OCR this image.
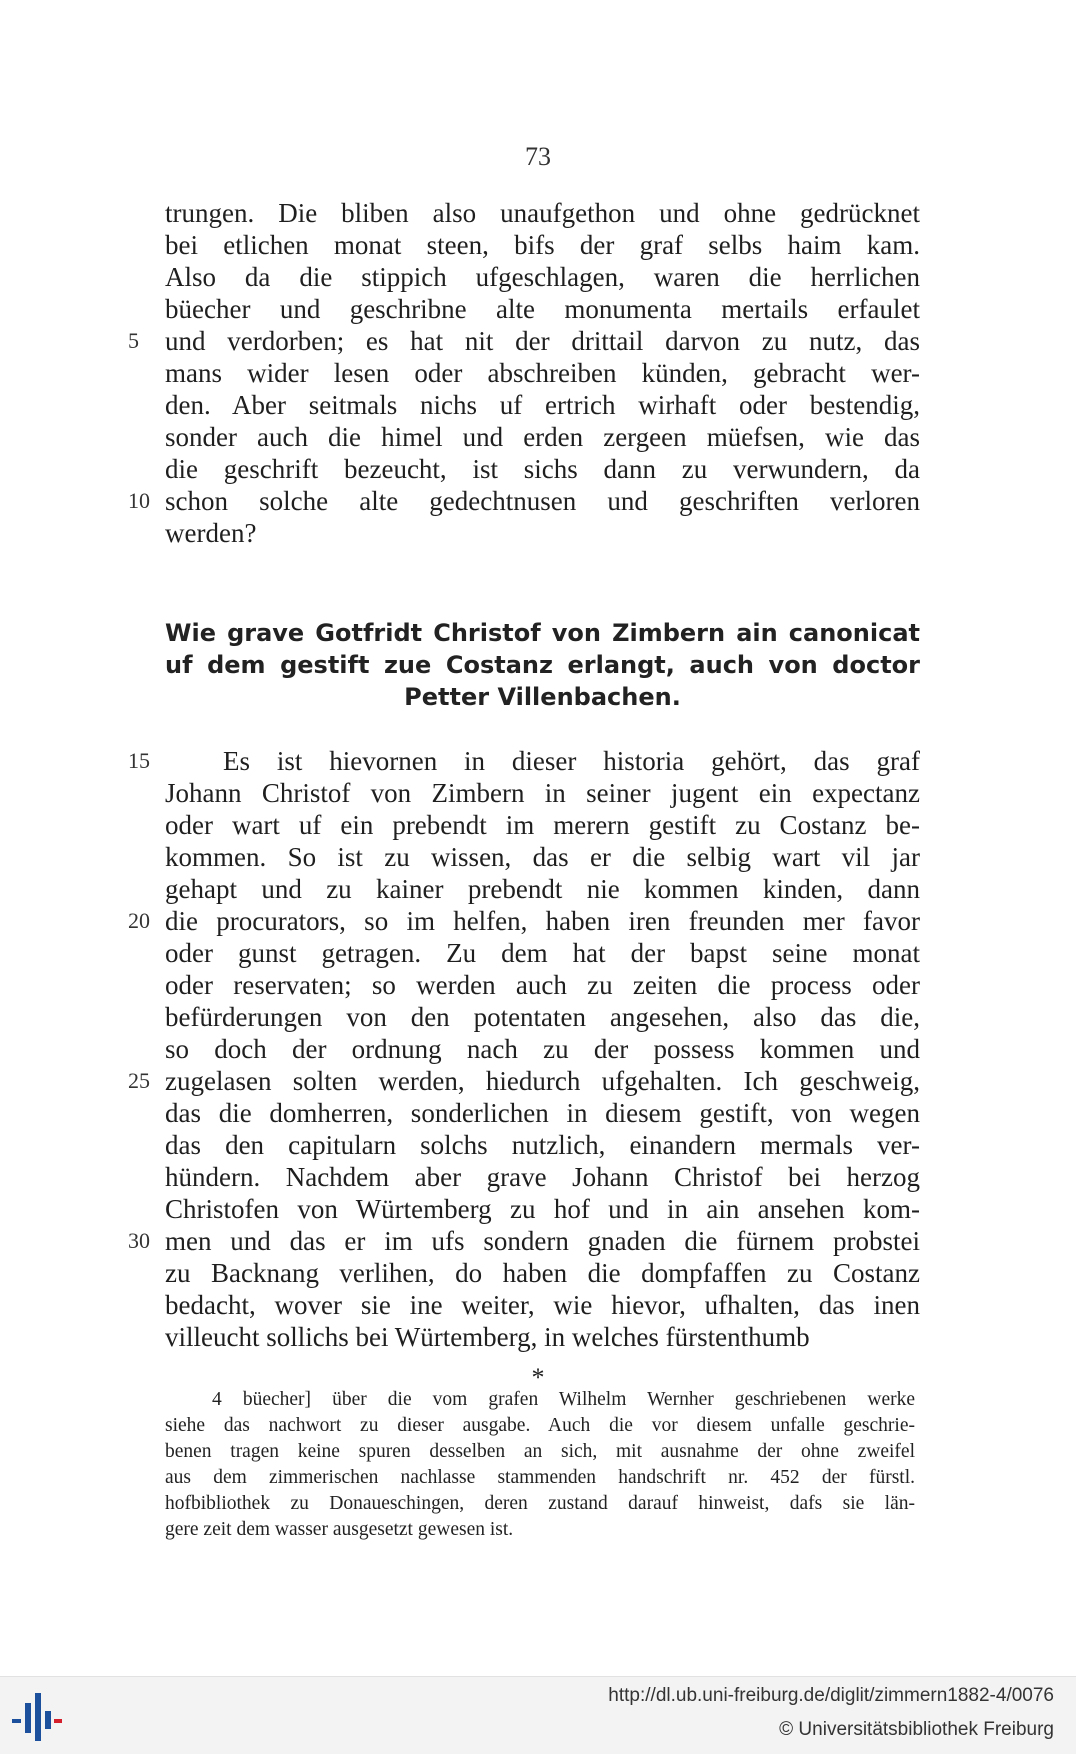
73
trungen. Die bliben also unaufgethon und ohne gedrücknet
bei etlichen monat steen, bifs der graf selbs haim kam.
Also da die stippich ufgeschlagen, waren die herrlichen
büecher und geschribne alte monumenta mertails erfaulet
und verdorben; es hat nit der drittail darvon zu nutz, das
5
mans wider lesen oder abschreiben künden, gebracht wer-
den. Aber seitmals nichs uf ertrich wirhaft oder bestendig,
sonder auch die himel und erden zergeen müefsen, wie das
die geschrift bezeucht, ist sichs dann zu verwundern, da
schon solche alte gedechtnusen und geschriften verloren
10
werden?
Wie grave Gotfridt Christof von Zimbern ain canonicat
uf dem gestift zue Costanz erlangt, auch von doctor
Petter Villenbachen.
Es ist hievornen in dieser historia gehört, das graf
15
Johann Christof von Zimbern in seiner jugent ein expectanz
oder wart uf ein prebendt im merern gestift zu Costanz be-
kommen. So ist zu wissen, das er die selbig wart vil jar
gehapt und zu kainer prebendt nie kommen kinden, dann
die procurators, so im helfen, haben iren freunden mer favor
20
oder gunst getragen. Zu dem hat der bapst seine monat
oder reservaten; so werden auch zu zeiten die process oder
befürderungen von den potentaten angesehen, also das die,
so doch der ordnung nach zu der possess kommen und
zugelasen solten werden, hiedurch ufgehalten. Ich geschweig,
25
das die domherren, sonderlichen in diesem gestift, von wegen
das den capitularn solchs nutzlich, einandern mermals ver-
hündern. Nachdem aber grave Johann Christof bei herzog
Christofen von Würtemberg zu hof und in ain ansehen kom-
men und das er im ufs sondern gnaden die fürnem probstei
30
zu Backnang verlihen, do haben die dompfaffen zu Costanz
bedacht, wover sie ine weiter, wie hievor, ufhalten, das inen
villeucht sollichs bei Würtemberg, in welches fürstenthumb
*
4 büecher] über die vom grafen Wilhelm Wernher geschriebenen werke
siehe das nachwort zu dieser ausgabe. Auch die vor diesem unfalle geschrie-
benen tragen keine spuren desselben an sich, mit ausnahme der ohne zweifel
aus dem zimmerischen nachlasse stammenden handschrift nr. 452 der fürstl.
hofbibliothek zu Donaueschingen, deren zustand darauf hinweist, dafs sie län-
gere zeit dem wasser ausgesetzt gewesen ist.
http://dl.ub.uni-freiburg.de/diglit/zimmern1882-4/0076
© Universitätsbibliothek Freiburg
